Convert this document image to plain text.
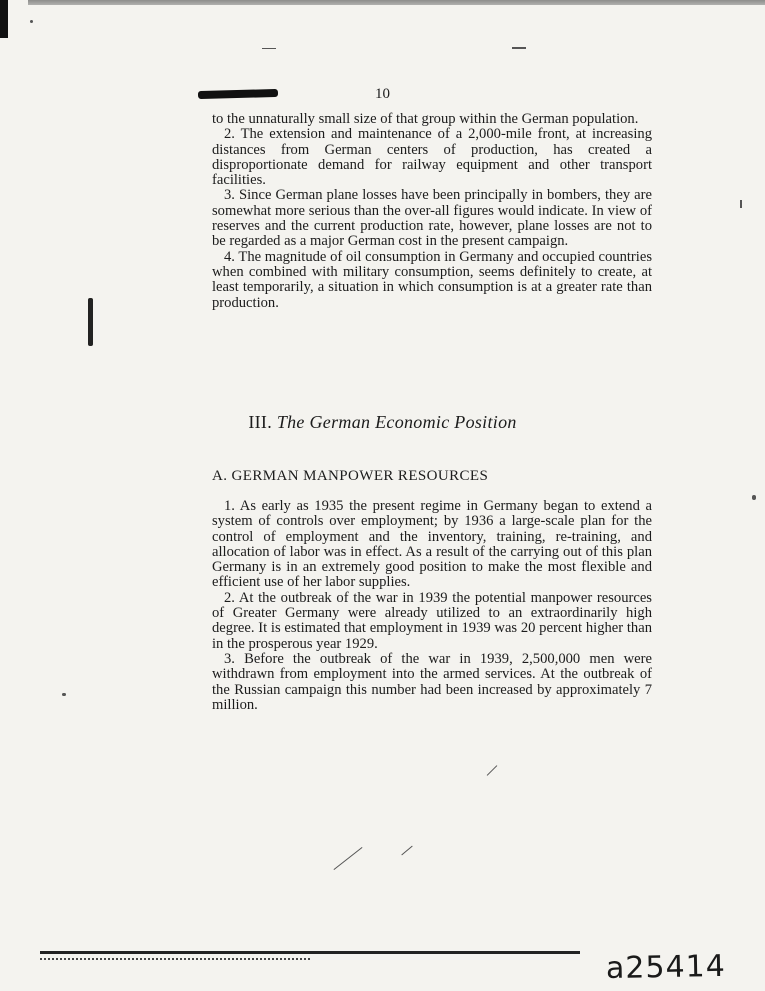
10

to the unnaturally small size of that group within the German population.

2. The extension and maintenance of a 2,000-mile front, at increasing distances from German centers of production, has created a disproportionate demand for railway equipment and other transport facilities.

3. Since German plane losses have been principally in bombers, they are somewhat more serious than the over-all figures would indicate. In view of reserves and the current production rate, however, plane losses are not to be regarded as a major German cost in the present campaign.

4. The magnitude of oil consumption in Germany and occupied countries when combined with military consumption, seems definitely to create, at least temporarily, a situation in which consumption is at a greater rate than production.

III. The German Economic Position
A. GERMAN MANPOWER RESOURCES

1. As early as 1935 the present regime in Germany began to extend a system of controls over employment; by 1936 a large-scale plan for the control of employment and the inventory, training, re-training, and allocation of labor was in effect. As a result of the carrying out of this plan Germany is in an extremely good position to make the most flexible and efficient use of her labor supplies.

2. At the outbreak of the war in 1939 the potential manpower resources of Greater Germany were already utilized to an extraordinarily high degree. It is estimated that employment in 1939 was 20 percent higher than in the prosperous year 1929.

3. Before the outbreak of the war in 1939, 2,500,000 men were withdrawn from employment into the armed services. At the outbreak of the Russian campaign this number had been increased by approximately 7 million.

a25414
